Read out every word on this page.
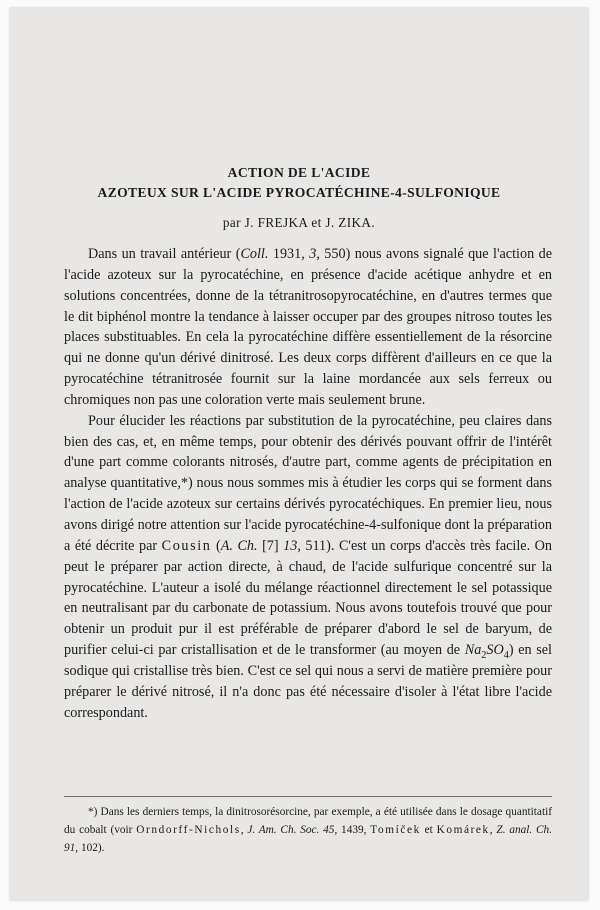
ACTION DE L'ACIDE
AZOTEUX SUR L'ACIDE PYROCATÉCHINE-4-SULFONIQUE
par J. FREJKA et J. ZIKA.

Dans un travail antérieur (Coll. 1931, 3, 550) nous avons signalé que l'action de l'acide azoteux sur la pyrocatéchine, en présence d'acide acétique anhydre et en solutions concentrées, donne de la tétranitrosopyrocatéchine, en d'autres termes que le dit biphénol montre la tendance à laisser occuper par des groupes nitroso toutes les places substituables. En cela la pyrocatéchine diffère essentiellement de la résorcine qui ne donne qu'un dérivé dinitrosé. Les deux corps diffèrent d'ailleurs en ce que la pyrocatéchine tétranitrosée fournit sur la laine mordancée aux sels ferreux ou chromiques non pas une coloration verte mais seulement brune.

Pour élucider les réactions par substitution de la pyrocatéchine, peu claires dans bien des cas, et, en même temps, pour obtenir des dérivés pouvant offrir de l'intérêt d'une part comme colorants nitrosés, d'autre part, comme agents de précipitation en analyse quantitative,*) nous nous sommes mis à étudier les corps qui se forment dans l'action de l'acide azoteux sur certains dérivés pyrocatéchiques. En premier lieu, nous avons dirigé notre attention sur l'acide pyrocatéchine-4-sulfonique dont la préparation a été décrite par Cousin (A. Ch. [7] 13, 511). C'est un corps d'accès très facile. On peut le préparer par action directe, à chaud, de l'acide sulfurique concentré sur la pyrocatéchine. L'auteur a isolé du mélange réactionnel directement le sel potassique en neutralisant par du carbonate de potassium. Nous avons toutefois trouvé que pour obtenir un produit pur il est préférable de préparer d'abord le sel de baryum, de purifier celui-ci par cristallisation et de le transformer (au moyen de $Na_2SO_4$) en sel sodique qui cristallise très bien. C'est ce sel qui nous a servi de matière première pour préparer le dérivé nitrosé, il n'a donc pas été nécessaire d'isoler à l'état libre l'acide correspondant.

*) Dans les derniers temps, la dinitrosorésorcine, par exemple, a été utilisée dans le dosage quantitatif du cobalt (voir Orndorff-Nichols, J. Am. Ch. Soc. 45, 1439, Tomíček et Komárek, Z. anal. Ch. 91, 102).
